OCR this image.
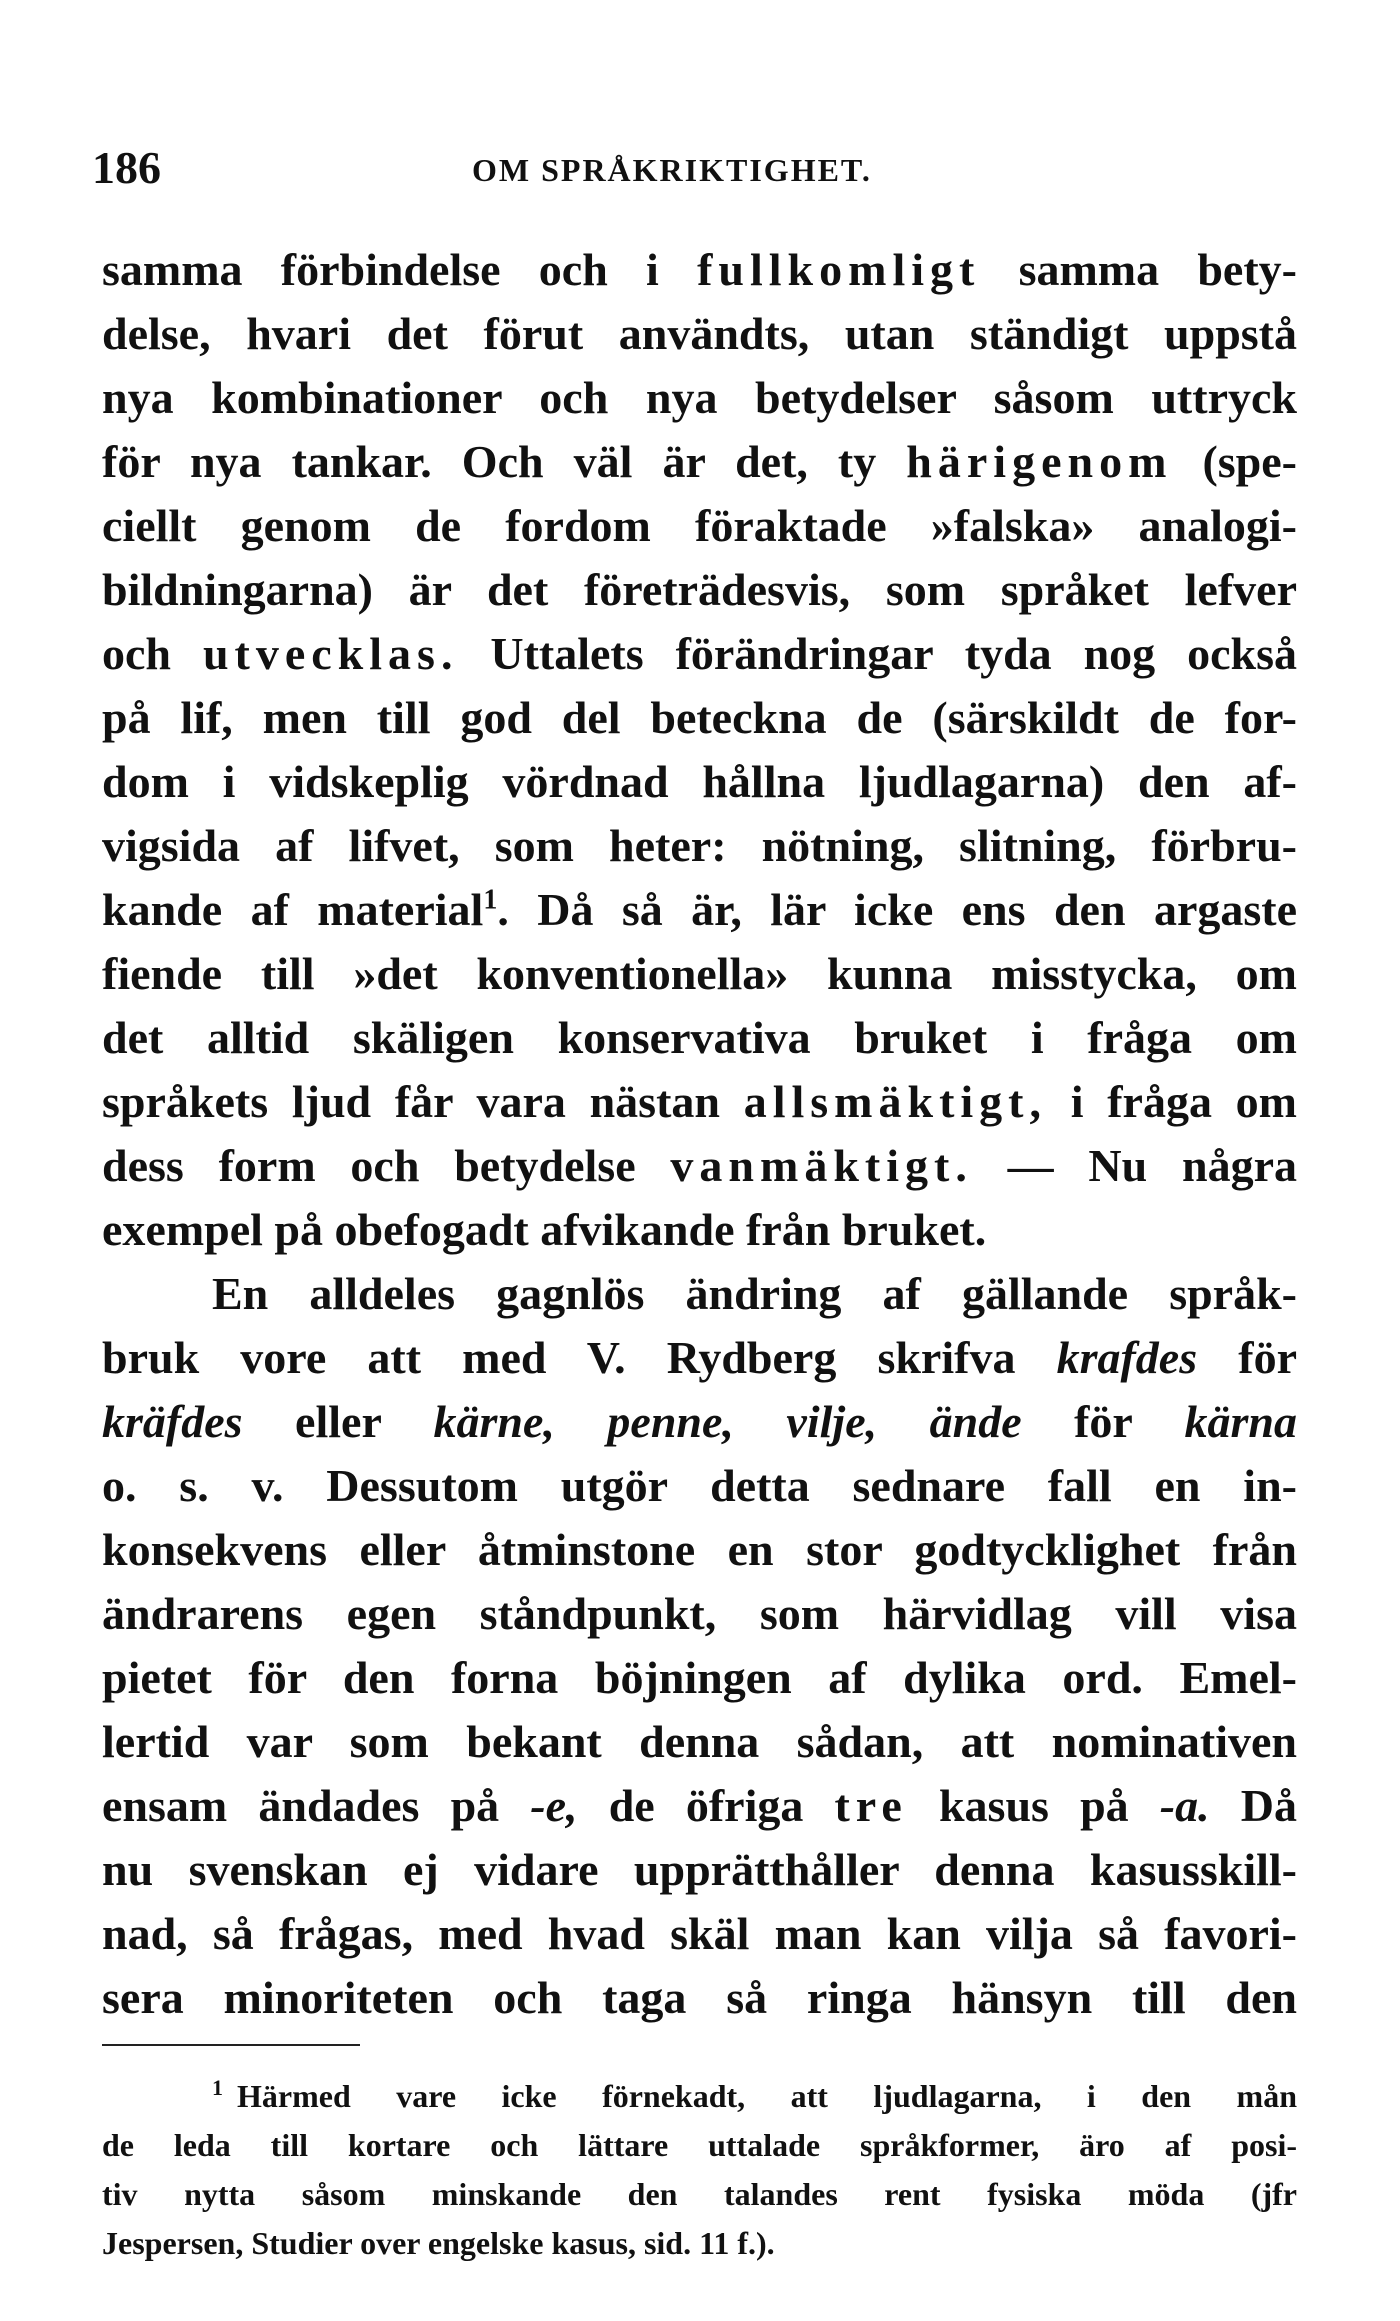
186	OM SPRÅKRIKTIGHET.
samma förbindelse och i fullkomligt samma bety-
delse, hvari det förut användts, utan ständigt uppstå
nya kombinationer och nya betydelser såsom uttryck
för nya tankar. Och väl är det, ty härigenom (spe-
ciellt genom de fordom föraktade »falska» analogi-
bildningarna) är det företrädesvis, som språket lefver
och utvecklas. Uttalets förändringar tyda nog också
på lif, men till god del beteckna de (särskildt de for-
dom i vidskeplig vördnad hållna ljudlagarna) den af-
vigsida af lifvet, som heter: nötning, slitning, förbru-
kande af material$^1$. Då så är, lär icke ens den argaste
fiende till »det konventionella» kunna misstycka, om
det alltid skäligen konservativa bruket i fråga om
språkets ljud får vara nästan allsmäktigt, i fråga om
dess form och betydelse vanmäktigt. — Nu några
exempel på obefogadt afvikande från bruket.
En alldeles gagnlös ändring af gällande språk-
bruk vore att med V. Rydberg skrifva krafdes för
kräfdes eller kärne, penne, vilje, ände för kärna
o. s. v. Dessutom utgör detta sednare fall en in-
konsekvens eller åtminstone en stor godtycklighet från
ändrarens egen ståndpunkt, som härvidlag vill visa
pietet för den forna böjningen af dylika ord. Emel-
lertid var som bekant denna sådan, att nominativen
ensam ändades på -e, de öfriga tre kasus på -a. Då
nu svenskan ej vidare upprätthåller denna kasusskill-
nad, så frågas, med hvad skäl man kan vilja så favori-
sera minoriteten och taga så ringa hänsyn till den
$^1$ Härmed vare icke förnekadt, att ljudlagarna, i den mån
de leda till kortare och lättare uttalade språkformer, äro af posi-
tiv nytta såsom minskande den talandes rent fysiska möda (jfr
Jespersen, Studier over engelske kasus, sid. 11 f.).
